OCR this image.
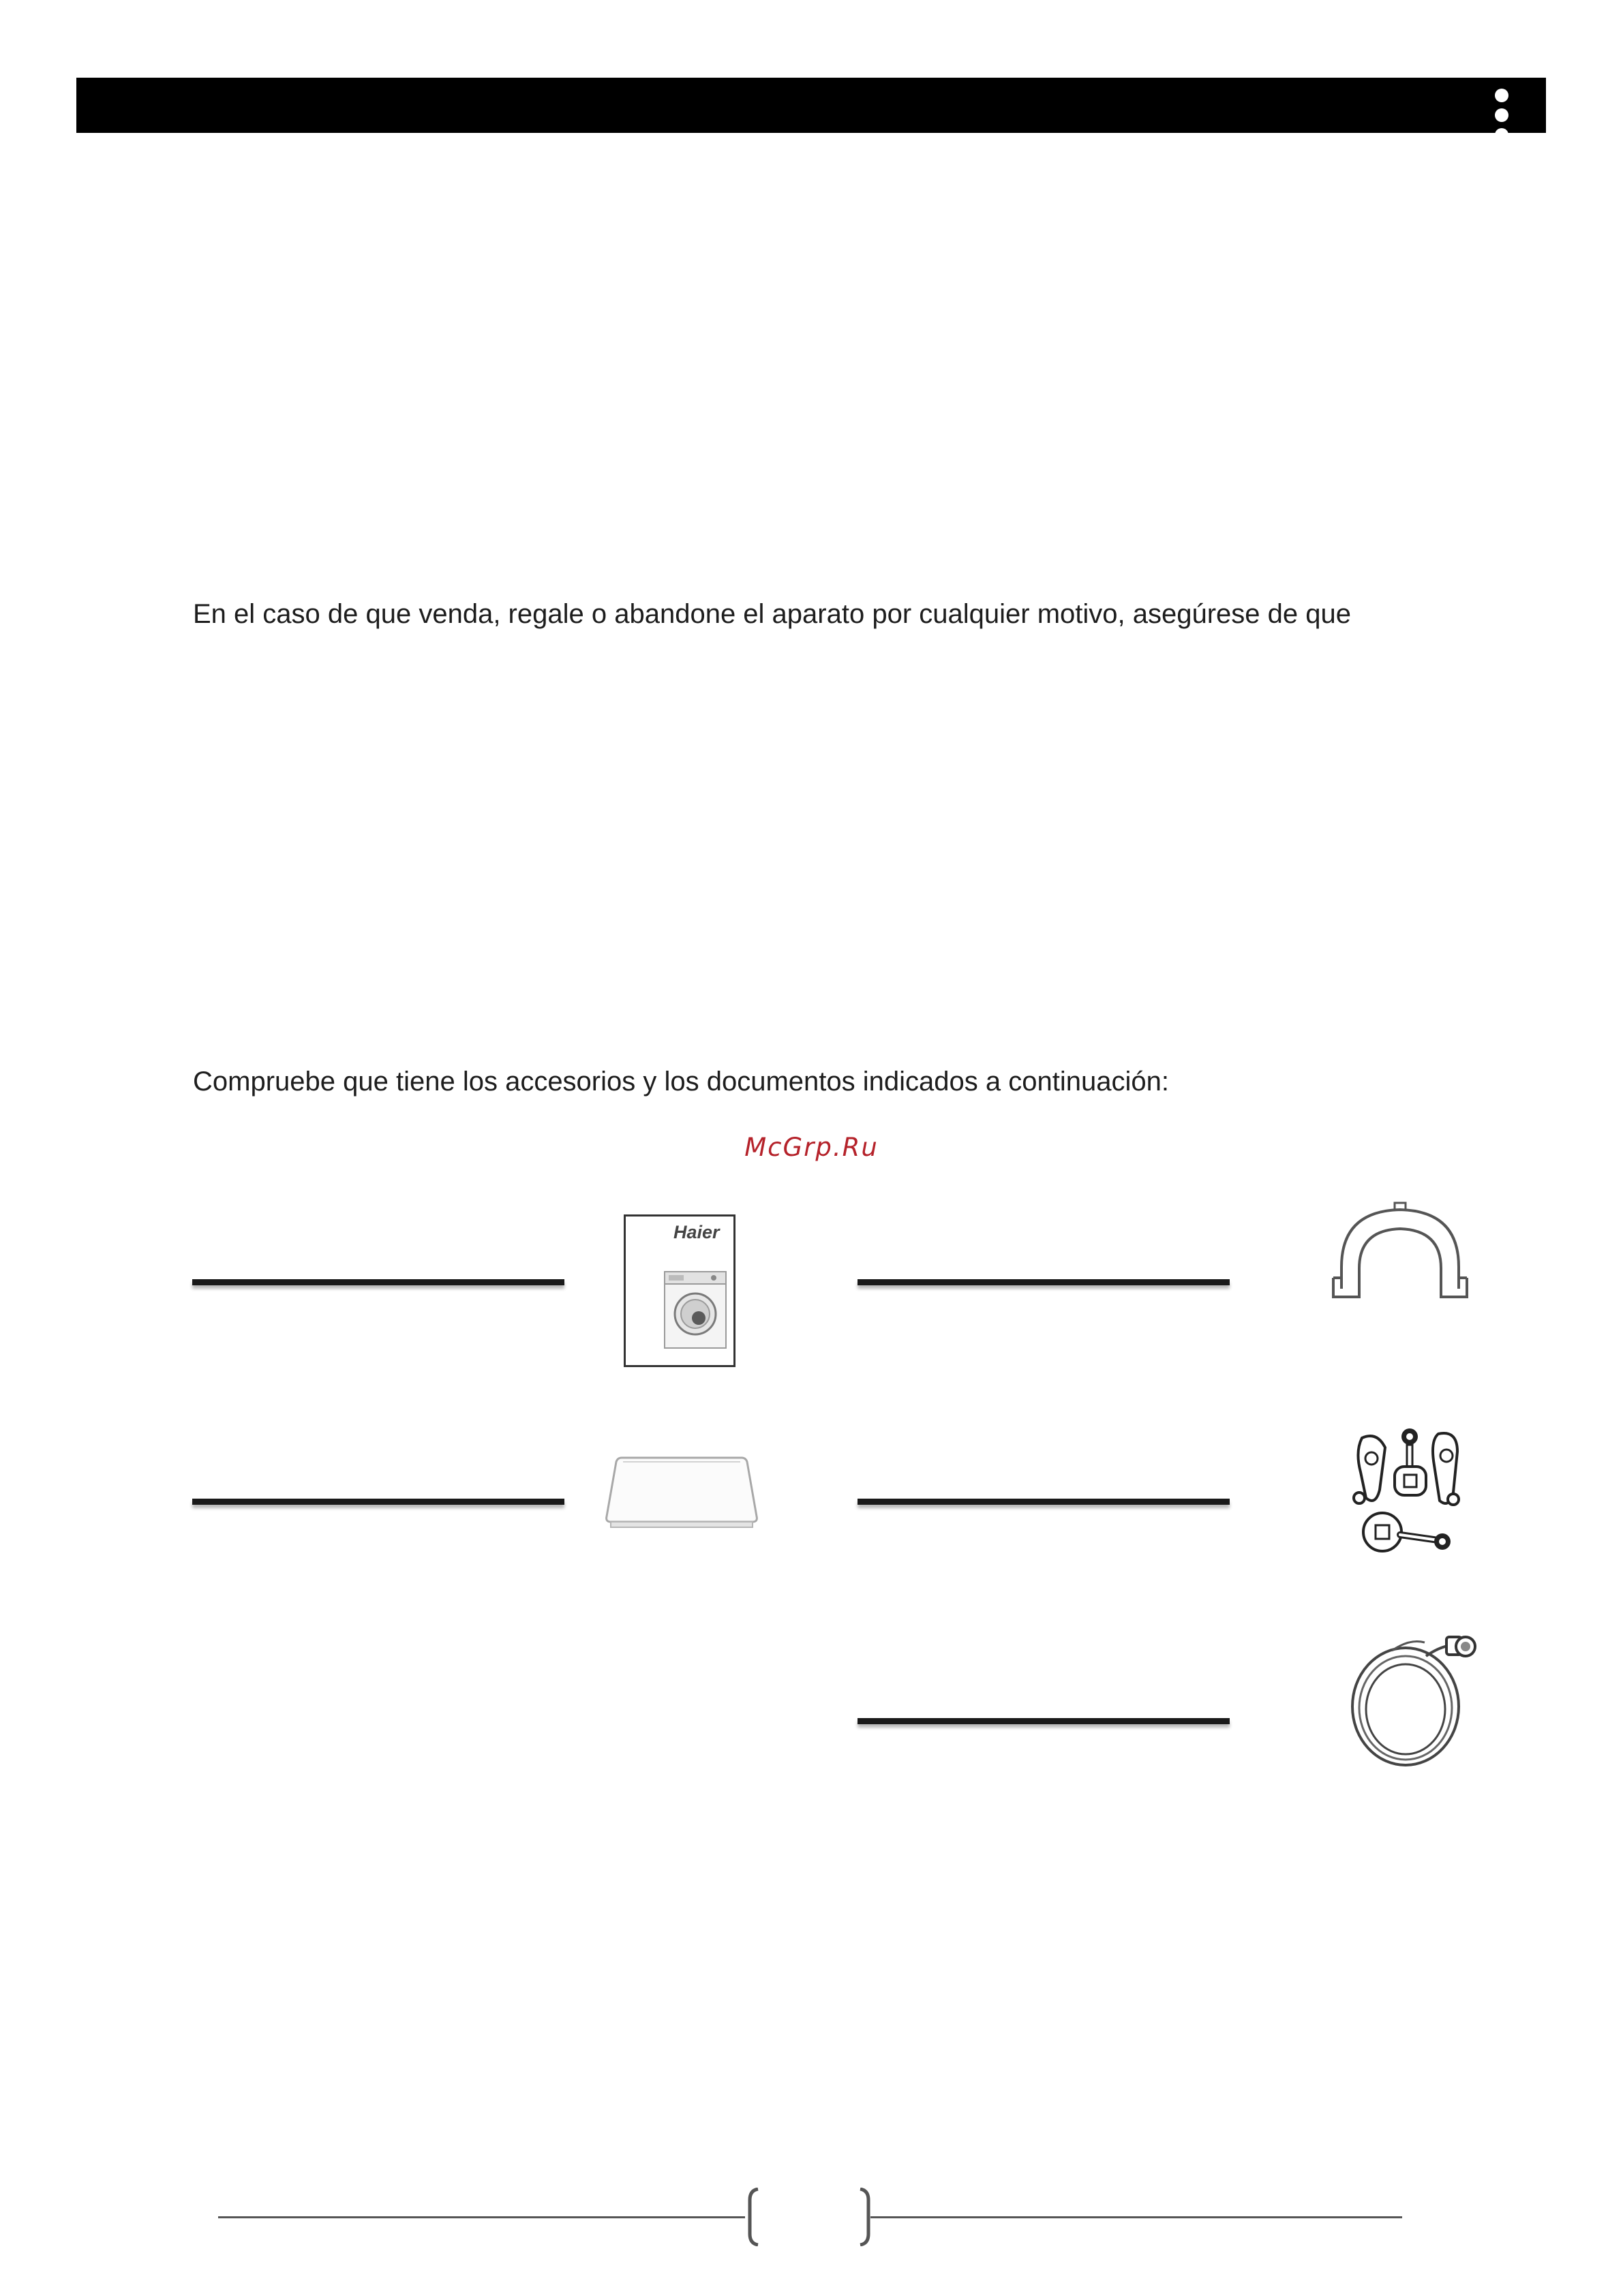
En el caso de que venda, regale o abandone el aparato por cualquier motivo, asegúrese de que
Compruebe que tiene los accesorios y los documentos indicados a continuación:
McGrp.Ru
Haier
